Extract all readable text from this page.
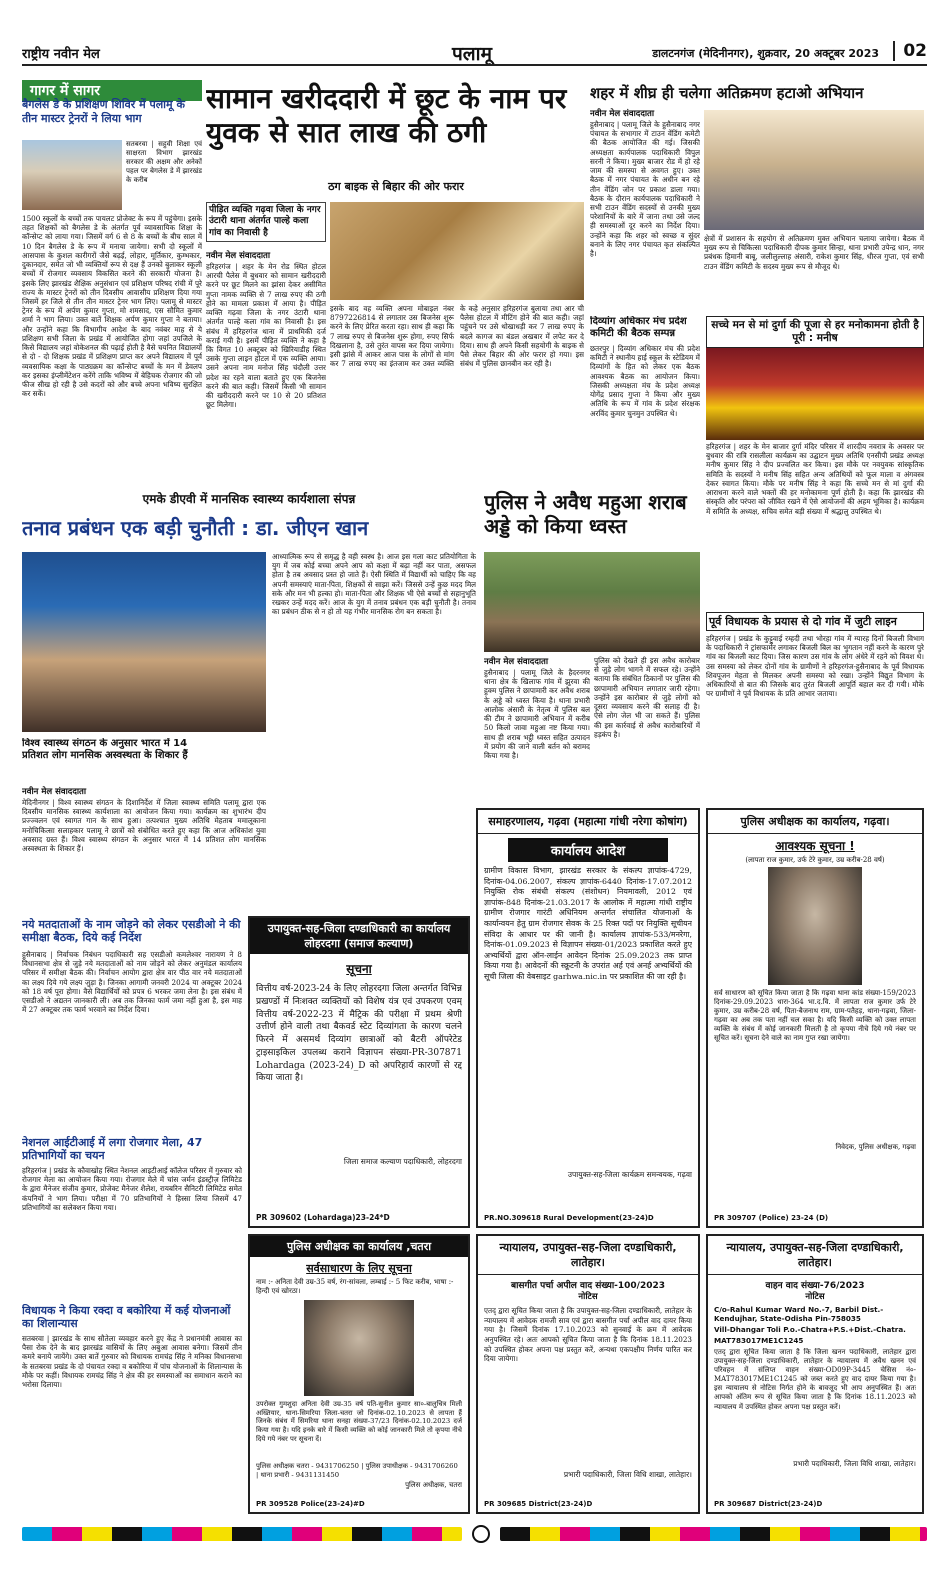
राष्ट्रीय नवीन मेल	पलामू	डालटनगंज (मेदिनीनगर), शुक्रवार, 20 अक्टूबर 2023	02
गागर में सागर
बैगलेस डे के प्रशिक्षण शिविर में पलामू के तीन मास्टर ट्रेनरों ने लिया भाग
सतबरवा | सहुवी शिक्षा एवं साक्षरता विभाग झारखंड सरकार की अक्षम और अनेकों पहल पर बेगलेस डे में झारखंड के करीब
1500 स्कूलों के बच्चों तक पायलट प्रोजेक्ट के रूप में पहुंचेगा। इसके तहत शिक्षकों को बैगलेस डे के अंतर्गत पूर्व व्यावसायिक शिक्षा के कॉन्सेप्ट को लाया गया। जिसमें वर्ग 6 से 8 के बच्चों के बीच साल में 10 दिन बैगलेस डे के रूप में मनाया जायेगा। सभी दो स्कूलों में आसपास के कुशल कारीगरों जैसे बढ़ई, लोहार, मूर्तिकार, कुम्भकार, दुकानदार, समेत जो भी व्यक्तियों रूप से दक्ष हैं उनको बुलाकर स्कूली बच्चों में रोजगार व्यवसाय विकसित करने की सरकारी योजना है। इसके लिए झारखंड शैक्षिक अनुसंधान एवं प्रशिक्षण परिषद रांची में पूरे राज्य के मास्टर ट्रेनरों को तीन दिवसीय आवासीय प्रशिक्षण दिया गया जिसमें हर जिले से तीन तीन मास्टर ट्रेनर भाग लिए। पलामू से मास्टर ट्रेनर के रूप में अर्पण कुमार गुप्ता, मो शमसाद, एस सौमित कुमार शर्मा ने भाग लिया। उक्त बातें शिक्षक अर्पण कुमार गुप्ता ने बताया। और उन्होंने कहा कि विभागीय आदेश के बाद नवंबर माह से ये प्रशिक्षण सभी जिला के प्रखंड में आयोजित होगा जहां उपजिले के किसे विद्यालय जहां वोकेशनल की पढ़ाई होती है वैसे चयनित विद्यालयों से दो - दो शिक्षक प्रखंड में प्रशिक्षण प्राप्त कर अपने विद्यालय में पूर्व व्यवसायिक कक्षा के पाठ्यक्रम का कॉन्सेप्ट बच्चों के मन में डेवलप कर इसका इंप्लीमेंटेशन करेंगे ताकि भविष्य में बेहिचक रोजगार की जो फीज सीख हो रही है उसे कदरों को और बच्चे अपना भविष्य सुरक्षित कर सकें।
सामान खरीददारी में छूट के नाम पर युवक से सात लाख की ठगी
ठग बाइक से बिहार की ओर फरार
पीड़ित व्यक्ति गढ़वा जिला के नगर उंटारी थाना अंतर्गत पाल्हे कला गांव का निवासी है
नवीन मेल संवाददाता
हरिहरगंज | शहर के मेन रोड स्थित होटल आरची पैलेस में बुधवार को सामान खरीददारी करने पर छूट मिलने का झांसा देकर असीमित गुप्ता नामक व्यक्ति से 7 लाख रुपए की ठगी होने का मामला प्रकाश में आया है। पीड़ित व्यक्ति गढ़वा जिला के नगर उंटारी थाना अंतर्गत पाल्हे कला गांव का निवासी है। इस संबंध में हरिहरगंज थाना में प्राथमिकी दर्ज कराई गयी है। इसमें पीड़ित व्यक्ति ने कहा है कि विगत 10 अक्टूबर को खिरियाडीह स्थित उसके गुप्ता लाइन होटल में एक व्यक्ति आया। उसने अपना नाम मनोज सिंह चंदौली उत्तर प्रदेश का रहने वाला बताते हुए एक बिजनेस करने की बात कही। जिसमें किसी भी सामान की खरीददारी करने पर 10 से 20 प्रतिशत छूट मिलेगा।
इसके बाद वह व्यक्ति अपना मोबाइल नंबर 8797226814 से लगातार उस बिजनेस शुरू करने के लिए प्रेरित करता रहा। साथ ही कहा कि 7 लाख रुपए से बिजनेस शुरू होगा, रुपए सिर्फ दिखलाना है, उसे तुरंत वापस कर दिया जायेगा। इसी झांसे में आकर आज पास के लोगों से मांग कर 7 लाख रुपए का इंतजाम कर उक्त व्यक्ति के कहे अनुसार हरिहरगंज बुलाया तथा आर ची पैलेस होटल में मीटिंग होने की बात कही। जहां पहुंचने पर उसे थोखाधड़ी कर 7 लाख रुपए के बदले कागज का बंडल अखबार में लपेट कर दे दिया। साथ ही अपने किसी सहयोगी के बाइक से पैसे लेकर बिहार की ओर फरार हो गया। इस संबंध में पुलिस छानबीन कर रही है।
शहर में शीघ्र ही चलेगा अतिक्रमण हटाओ अभियान
नवीन मेल संवाददाता
हुसैनाबाद | पलामू जिले के हुसैनाबाद नगर पंचायत के सभागार में टाउन वेंडिंग कमेटी की बैठक आयोजित की गई। जिसकी अध्यक्षता कार्यपालक पदाधिकारी विपुल सरनी ने किया। मुख्य बाजार रोड में हो रहे जाम की समस्या से अवगत हुए। उक्त बैठक में नगर पंचायत के अधीन बन रहे तीन वेंडिंग जोन पर प्रकाश डाला गया। बैठक के दौरान कार्यपालक पदाधिकारी ने सभी टाउन वेंडिंग सदस्यों से उनकी मुख्य परेशानियों के बारे में जाना तथा उसे जल्द ही समस्याओं दूर करने का निर्देश दिया। उन्होंने कहा कि शहर को स्वच्छ व सुंदर बनाने के लिए नगर पंचायत कृत संकल्पित है।
क्षेत्रों में प्रशासन के सहयोग से अतिक्रमण मुक्त अभियान चलाया जायेगा। बैठक में मुख्य रूप से चिकित्सा पदाधिकारी दीपक कुमार सिन्हा, थाना प्रभारी उपेन्द्र धान, नगर प्रबंधक हिमानी बाबू, जलीलुल्लाह अंसारी, राकेश कुमार सिंह, धीरज गुप्ता, एवं सभी टाउन वेंडिंग कमिटी के सदस्य मुख्य रूप से मौजूद थे।
दिव्यांग अधिकार मंच प्रदेश कमिटी की बैठक सम्पन्न
छतरपुर | दिव्यांग अधिकार मंच की प्रदेश कमिटी ने स्थानीय हाई स्कूल के स्टेडियम में दिव्यांगों के हित को लेकर एक बैठक आवश्यक बैठक का आयोजन किया। जिसकी अध्यक्षता मंच के प्रदेश अध्यक्ष योगेंद्र प्रसाद गुप्ता ने किया और मुख्य अतिथि के रूप में गांव के प्रदेश संरक्षक अरविंद कुमार चुनमुन उपस्थित थे।
सच्चे मन से मां दुर्गा की पूजा से हर मनोकामना होती है पूरी : मनीष
हरिहरगंज | शहर के मेन बाजार दुर्गा मंदिर परिसर में शारदीय नवरात्र के अवसर पर बुधवार की रात्रि रासलीला कार्यक्रम का उद्घाटन मुख्य अतिथि एनसीपी प्रखंड अध्यक्ष मनीष कुमार सिंह ने दीप प्रज्वलित कर किया। इस मौके पर नवयुवक सांस्कृतिक समिति के सदस्यों ने मनीष सिंह सहित अन्य अतिथियों को फूल माला व अंगवस्त्र देकर स्वागत किया। मौके पर मनीष सिंह ने कहा कि सच्चे मन से मां दुर्गा की आराधना करने वाले भक्तों की हर मनोकामना पूर्ण होती है। कहा कि झारखंड की संस्कृति और परंपरा को जीवित रखने में ऐसे आयोजनों की अहम भूमिका है। कार्यक्रम में समिति के अध्यक्ष, सचिव समेत बड़ी संख्या में श्रद्धालु उपस्थित थे।
एमके डीएवी में मानसिक स्वास्थ्य कार्यशाला संपन्न
तनाव प्रबंधन एक बड़ी चुनौती : डा. जीएन खान
विश्व स्वास्थ्य संगठन के अनुसार भारत में 14 प्रतिशत लोग मानसिक अस्वस्थता के शिकार हैं
नवीन मेल संवाददाता
मेदिनीनगर | विश्व स्वास्थ्य संगठन के दिशानिर्देश में जिला स्वास्थ्य समिति पलामू द्वारा एक दिवसीय मानसिक स्वास्थ्य कार्यशाला का आयोजन किया गया। कार्यक्रम का शुभारंभ दीप प्रज्ज्वलन एवं स्वागत गान के साथ हुआ। तत्पश्चात मुख्य अतिथि मेहताब ममालूकाना मनोचिकित्सा सलाहकार पलामू ने छात्रों को संबोधित करते हुए कहा कि आज अधिकांश युवा अवसाद ग्रस्त हैं। विश्व स्वास्थ्य संगठन के अनुसार भारत में 14 प्रतिशत लोग मानसिक अस्वस्थता के शिकार हैं।
आध्यात्मिक रूप से समृद्ध है वही स्वस्थ है। आज इस गला काट प्रतियोगिता के युग में जब कोई बच्चा अपने आप को कक्षा में बढ़ा नहीं कर पाता, असफल होता है तब अवसाद प्रस्त हो जाते हैं। ऐसी स्थिति में विद्यार्थी को चाहिए कि वह अपनी समस्याएं माता-पिता, शिक्षकों से साझा करें। जिससे उन्हें कुछ मदद मिल सके और मन भी हल्का हो। माता-पिता और शिक्षक भी ऐसे बच्चों से सहानुभूति रखकर उन्हें मदद करें। आज के युग में तनाव प्रबंधन एक बड़ी चुनौती है। तनाव का प्रबंधन ठीक से न हो तो यह गंभीर मानसिक रोग बन सकता है।
पुलिस ने अवैध महुआ शराब अड्डे को किया ध्वस्त
नवीन मेल संवाददाता
हुसैनाबाद | पलामू जिले के हैदरनगर थाना क्षेत्र के खिलाफ गांव में झुरवा की हुक्म पुलिस ने छापामारी कर अवैध शराब के अड्डे को ध्वस्त किया है। थाना प्रभारी आलोक अंसारी के नेतृत्व में पुलिस बल की टीम ने छापामारी अभियान में करीब 50 किलो जावा महुआ नष्ट किया गया। साथ ही शराब भट्ठी ध्वस्त सहित उत्पादन में प्रयोग की जाने वाली बर्तन को बरामद किया गया है।
पुलिस को देखते ही इस अवैध कारोबार से जुड़े लोग भागने में सफल रहे। उन्होंने बताया कि संबंधित ठिकानों पर पुलिस की छापामारी अभियान लगातार जारी रहेगा। उन्होंने इस कारोबार से जुड़े लोगों को दूसरा व्यवसाय करने की सलाह दी है। ऐसे लोग जेल भी जा सकते हैं। पुलिस की इस कार्रवाई से अवैध कारोबारियों में हड़कंप है।
पूर्व विधायक के प्रयास से दो गांव में जुटी लाइन
हरिहरगंज | प्रखंड के कुट्टुवाई रम्हदी तथा भोरहा गांव में ग्यारह दिनों बिजली विभाग के पदाधिकारी ने ट्रांसफार्मर लगाकर बिजली बिल का भुगतान नहीं करने के कारण पुरे गांव का बिजली काट दिया। जिस कारण उस गांव के लोग अंधेरे में रहने को विवश थे। उस समस्या को लेकर दोनों गांव के ग्रामीणों ने हरिहरगंज-हुसैनाबाद के पूर्व विधायक शिवपूजन मेहता से मिलकर अपनी समस्या को रखा। उन्होंने विद्युत विभाग के अधिकारियों से बात की जिसके बाद तुरंत बिजली आपूर्ति बहाल कर दी गयी। मौके पर ग्रामीणों ने पूर्व विधायक के प्रति आभार जताया।
नये मतदाताओं के नाम जोड़ने को लेकर एसडीओ ने की समीक्षा बैठक, दिये कई निर्देश
हुसैनाबाद | निर्वाचक निबंधन पदाधिकारी सह एसडीओ कमलेश्वर नारायण ने 8 विधानसभा क्षेत्र से जुड़े नये मतदाताओं को नाम जोड़ने को लेकर अनुमंडल कार्यालय परिसर में समीक्षा बैठक की। निर्वाचन आयोग द्वारा क्षेत्र वार पीठ वार नये मतदाताओं का लक्ष्य दिये गये लक्ष्य जुड़ा है। जिनका आगामी जनवरी 2024 या अक्टूबर 2024 को 18 वर्ष पूरा होगा। वैसे विद्यार्थियों को प्रपत्र 6 भरकर जमा लेना है। इस संबंध में एसडीओ ने अद्यतन जानकारी ली। अब तक जिनका फार्म जमा नहीं हुआ है, इस माह में 27 अक्टूबर तक फार्म भरवाने का निर्देश दिया।
नेशनल आईटीआई में लगा रोजगार मेला, 47 प्रतिभागियों का चयन
हरिहरगंज | प्रखंड के कौवाखोह स्थित नेशनल आइटीआई कॉलेज परिसर में गुरुवार को रोजगार मेला का आयोजन किया गया। रोजगार मेले में चांस जर्मन इंडस्ट्रीज़ लिमिटेड के द्वारा मैनेजर संजीव कुमार, प्रोजेक्ट मैनेजर शैलेश, रायबरिन सैनिटरी लिमिटेड समेत कंपनियों ने भाग लिया। परीक्षा में 70 प्रतिभागियों ने हिस्सा लिया जिसमें 47 प्रतिभागियों का सलेक्शन किया गया।
विधायक ने किया रक्दा व बकोरिया में कई योजनाओं का शिलान्यास
सतबरवा | झारखंड के साथ सौतेला व्यवहार करने हुए केंद्र ने प्रधानमंत्री आवास का पैसा रोक देने के बाद झारखंड वासियों के लिए अबुआ आवास बनेगा। जिसमें तीन कमरे बनाये जायेंगे। उक्त बातें गुरुवार को विधायक रामचंद्र सिंह ने मनिका विधानसभा के सतबरवा प्रखंड के दो पंचायत रक्दा व बकोरिया में पांच योजनाओं के शिलान्यास के मौके पर कहीं। विधायक रामचंद्र सिंह ने क्षेत्र की हर समस्याओं का समाधान कराने का भरोसा दिलाया।
उपायुक्त-सह-जिला दण्डाधिकारी का कार्यालय लोहरदगा (समाज कल्याण)
सूचना
वित्तीय वर्ष-2023-24 के लिए लोहरदगा जिला अन्तर्गत विभिन्न प्रखण्डों में निःशक्त व्यक्तियों को विशेष यंत्र एवं उपकरण एवम् वित्तीय वर्ष-2022-23 में मैट्रिक की परीक्षा में प्रथम श्रेणी उत्तीर्ण होने वाली तथा बैकवर्ड स्टेट दिव्यांगता के कारण चलने फिरने में असमर्थ दिव्यांग छात्राओं को बैटरी ऑपरेटेड ट्राइसाइकिल उपलब्ध कराने विज्ञापन संख्या-PR-307871 Lohardaga (2023-24)_D को अपरिहार्य कारणों से रद्द किया जाता है।
जिला समाज कल्याण पदाधिकारी, लोहरदगा
PR 309602 (Lohardaga)23-24*D
समाहरणालय, गढ़वा (महात्मा गांधी नरेगा कोषांग)
कार्यालय आदेश
ग्रामीण विकास विभाग, झारखंड सरकार के संकल्प ज्ञापांक-4729, दिनांक-04.06.2007, संकल्प ज्ञापांक-6440 दिनांक-17.07.2012 नियुक्ति रोक संबंधी संकल्प (संशोधन) नियमावली, 2012 एवं ज्ञापांक-848 दिनांक-21.03.2017 के आलोक में महात्मा गांधी राष्ट्रीय ग्रामीण रोजगार गारंटी अधिनियम अन्तर्गत संचालित योजनाओं के कार्यान्वयन हेतु ग्राम रोजगार सेवक के 25 रिक्त पदों पर नियुक्ति सूचीयन संविदा के आधार पर की जानी है। कार्यालय ज्ञापांक-533/मनरेगा, दिनांक-01.09.2023 से विज्ञापन संख्या-01/2023 प्रकाशित करते हुए अभ्यर्थियों द्वारा ऑन-लाईन आवेदन दिनांक 25.09.2023 तक प्राप्त किया गया है। आवेदनों की स्क्रूटनी के उपरांत अर्ह एवं अनर्ह अभ्यर्थियों की सूची जिला की वेबसाइट garhwa.nic.in पर प्रकाशित की जा रही है।
उपायुक्त-सह-जिला कार्यक्रम समन्वयक, गढ़वा
PR.NO.309618 Rural Development(23-24)D
पुलिस अधीक्षक का कार्यालय, गढ़वा।
आवश्यक सूचना !
(लापता राज कुमार, उर्फ टेरे कुमार, उम्र करीब-28 वर्ष)
सर्व साधारण को सूचित किया जाता है कि गढ़वा थाना कांड संख्या-159/2023 दिनांक-29.09.2023 धारा-364 भा.द.वि. में लापता राज कुमार उर्फ टेरे कुमार, उम्र करीब-28 वर्ष, पिता-बैजनाथ राम, ग्राम-पतैहड़, थाना-गढ़वा, जिला-गढ़वा का अब तक पता नहीं चल सका है। यदि किसी व्यक्ति को उक्त लापता व्यक्ति के संबंध में कोई जानकारी मिलती है तो कृपया नीचे दिये गये नंबर पर सूचित करें। सूचना देने वाले का नाम गुप्त रखा जायेगा।
निवेदक, पुलिस अधीक्षक, गढ़वा
PR 309707 (Police) 23-24 (D)
पुलिस अधीक्षक का कार्यालय ,चतरा
सर्वसाधारण के लिए सूचना
नाम :- अनिता देवी उम्र-35 वर्ष, रंग-सांवला, लम्बाई :- 5 फिट करीब, भाषा :- हिन्दी एवं खोरठा।
उपरोक्त गुमशुदा अनिता देवी उम्र-35 वर्ष पति-सुनील कुमार सा०-बालुचित्र मिली अख्तियार, थाना-सिमरिया जिला-चतरा जो दिनांक-02.10.2023 से लापता हैं जिनके संबंध में सिमरिया थाना सनहा संख्या-37/23 दिनांक-02.10.2023 दर्ज किया गया है। यदि इनके बारे में किसी व्यक्ति को कोई जानकारी मिले तो कृपया नीचे दिये गये नंबर पर सूचना दें।
पुलिस अधीक्षक चतरा - 9431706250 | पुलिस उपाधीक्षक - 9431706260 | थाना प्रभारी - 9431131450
पुलिस अधीक्षक, चतरा
PR 309528 Police(23-24)#D
न्यायालय, उपायुक्त-सह-जिला दण्डाधिकारी, लातेहार।
बासगीत पर्चा अपील वाद संख्या-100/2023
नोटिस
एतद् द्वारा सूचित किया जाता है कि उपायुक्त-सह-जिला दण्डाधिकारी, लातेहार के न्यायालय में आवेदक रामजी साव एवं द्वारा बासगीत पर्चा अपील वाद दायर किया गया है। जिसमें दिनांक 17.10.2023 को सुनवाई के क्रम में आवेदक अनुपस्थित रहे। अतः आपको सूचित किया जाता है कि दिनांक 18.11.2023 को उपस्थित होकर अपना पक्ष प्रस्तुत करें, अन्यथा एकपक्षीय निर्णय पारित कर दिया जायेगा।
प्रभारी पदाधिकारी, जिला विधि शाखा, लातेहार।
PR 309685 District(23-24)D
न्यायालय, उपायुक्त-सह-जिला दण्डाधिकारी, लातेहार।
वाहन वाद संख्या-76/2023
नोटिस
C/o-Rahul Kumar Ward No.-7, Barbil Dist.-Kendujhar, State-Odisha Pin-758035
Vill-Dhangar Toli P.o.-Chatra+P.S.+Dist.-Chatra.
MAT783017ME1C1245
एतद् द्वारा सूचित किया जाता है कि जिला खनन पदाधिकारी, लातेहार द्वारा उपायुक्त-सह-जिला दण्डाधिकारी, लातेहार के न्यायालय में अवैध खनन एवं परिवहन में संलिप्त वाहन संख्या-OD09P-3445 चेसिस नं०-MAT783017ME1C1245 को जब्त करते हुए वाद दायर किया गया है। इस न्यायालय से नोटिस निर्गत होने के बावजूद भी आप अनुपस्थित हैं। अतः आपको अंतिम रूप से सूचित किया जाता है कि दिनांक 18.11.2023 को न्यायालय में उपस्थित होकर अपना पक्ष प्रस्तुत करें।
प्रभारी पदाधिकारी, जिला विधि शाखा, लातेहार।
PR 309687 District(23-24)D
